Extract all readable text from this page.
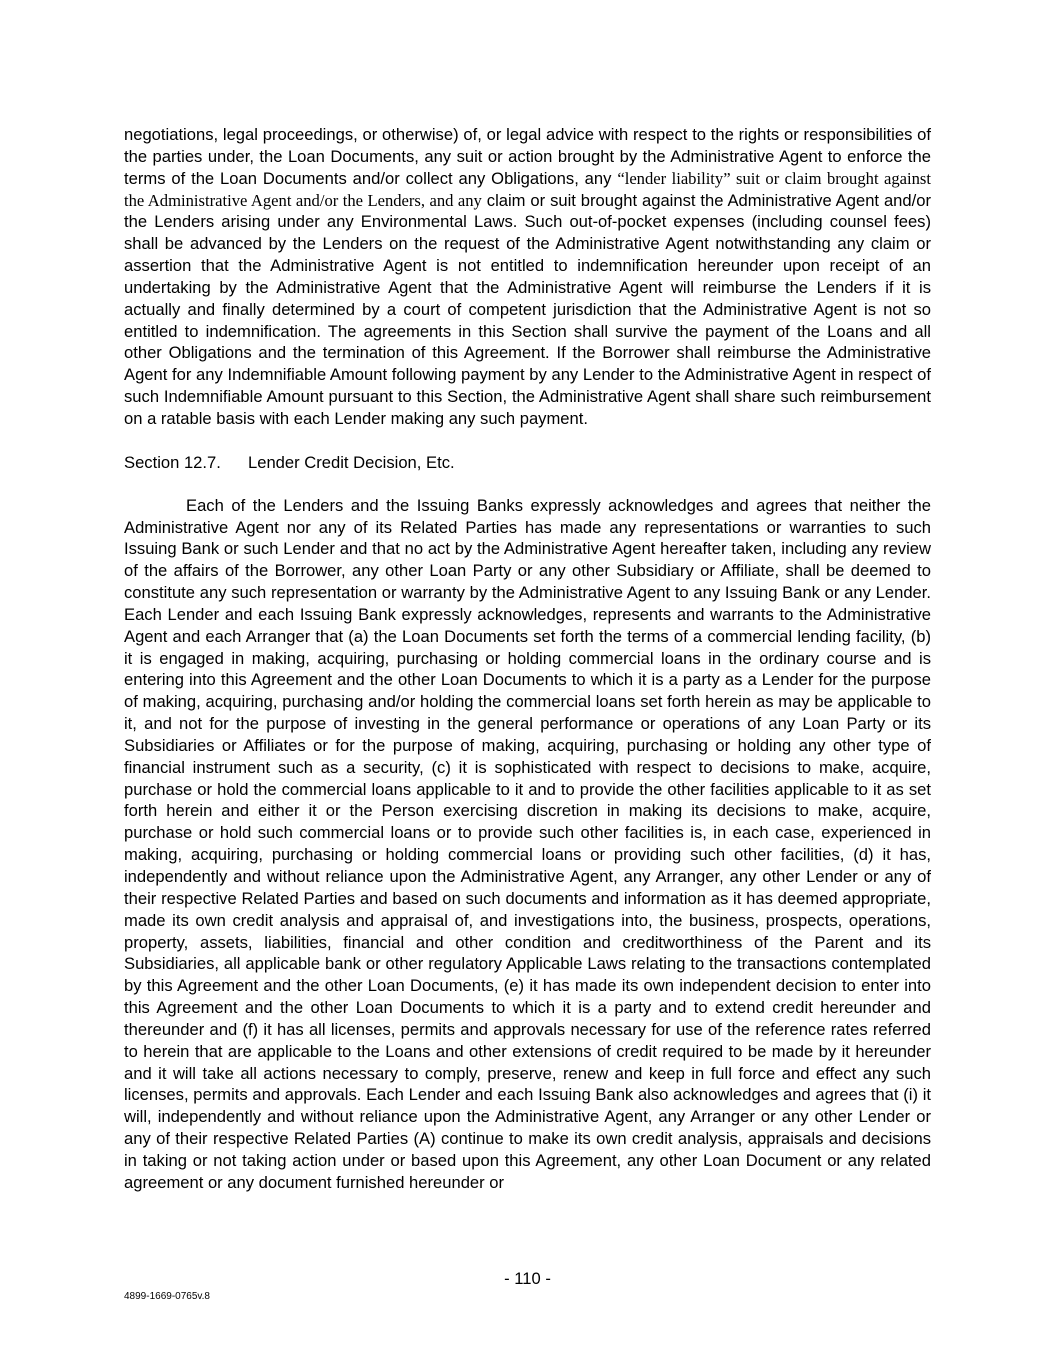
negotiations, legal proceedings, or otherwise) of, or legal advice with respect to the rights or responsibilities of the parties under, the Loan Documents, any suit or action brought by the Administrative Agent to enforce the terms of the Loan Documents and/or collect any Obligations, any “lender liability” suit or claim brought against the Administrative Agent and/or the Lenders, and any claim or suit brought against the Administrative Agent and/or the Lenders arising under any Environmental Laws. Such out-of-pocket expenses (including counsel fees) shall be advanced by the Lenders on the request of the Administrative Agent notwithstanding any claim or assertion that the Administrative Agent is not entitled to indemnification hereunder upon receipt of an undertaking by the Administrative Agent that the Administrative Agent will reimburse the Lenders if it is actually and finally determined by a court of competent jurisdiction that the Administrative Agent is not so entitled to indemnification. The agreements in this Section shall survive the payment of the Loans and all other Obligations and the termination of this Agreement. If the Borrower shall reimburse the Administrative Agent for any Indemnifiable Amount following payment by any Lender to the Administrative Agent in respect of such Indemnifiable Amount pursuant to this Section, the Administrative Agent shall share such reimbursement on a ratable basis with each Lender making any such payment.

Section 12.7. Lender Credit Decision, Etc.

Each of the Lenders and the Issuing Banks expressly acknowledges and agrees that neither the Administrative Agent nor any of its Related Parties has made any representations or warranties to such Issuing Bank or such Lender and that no act by the Administrative Agent hereafter taken, including any review of the affairs of the Borrower, any other Loan Party or any other Subsidiary or Affiliate, shall be deemed to constitute any such representation or warranty by the Administrative Agent to any Issuing Bank or any Lender. Each Lender and each Issuing Bank expressly acknowledges, represents and warrants to the Administrative Agent and each Arranger that (a) the Loan Documents set forth the terms of a commercial lending facility, (b) it is engaged in making, acquiring, purchasing or holding commercial loans in the ordinary course and is entering into this Agreement and the other Loan Documents to which it is a party as a Lender for the purpose of making, acquiring, purchasing and/or holding the commercial loans set forth herein as may be applicable to it, and not for the purpose of investing in the general performance or operations of any Loan Party or its Subsidiaries or Affiliates or for the purpose of making, acquiring, purchasing or holding any other type of financial instrument such as a security, (c) it is sophisticated with respect to decisions to make, acquire, purchase or hold the commercial loans applicable to it and to provide the other facilities applicable to it as set forth herein and either it or the Person exercising discretion in making its decisions to make, acquire, purchase or hold such commercial loans or to provide such other facilities is, in each case, experienced in making, acquiring, purchasing or holding commercial loans or providing such other facilities, (d) it has, independently and without reliance upon the Administrative Agent, any Arranger, any other Lender or any of their respective Related Parties and based on such documents and information as it has deemed appropriate, made its own credit analysis and appraisal of, and investigations into, the business, prospects, operations, property, assets, liabilities, financial and other condition and creditworthiness of the Parent and its Subsidiaries, all applicable bank or other regulatory Applicable Laws relating to the transactions contemplated by this Agreement and the other Loan Documents, (e) it has made its own independent decision to enter into this Agreement and the other Loan Documents to which it is a party and to extend credit hereunder and thereunder and (f) it has all licenses, permits and approvals necessary for use of the reference rates referred to herein that are applicable to the Loans and other extensions of credit required to be made by it hereunder and it will take all actions necessary to comply, preserve, renew and keep in full force and effect any such licenses, permits and approvals. Each Lender and each Issuing Bank also acknowledges and agrees that (i) it will, independently and without reliance upon the Administrative Agent, any Arranger or any other Lender or any of their respective Related Parties (A) continue to make its own credit analysis, appraisals and decisions in taking or not taking action under or based upon this Agreement, any other Loan Document or any related agreement or any document furnished hereunder or

- 110 -
4899-1669-0765v.8
